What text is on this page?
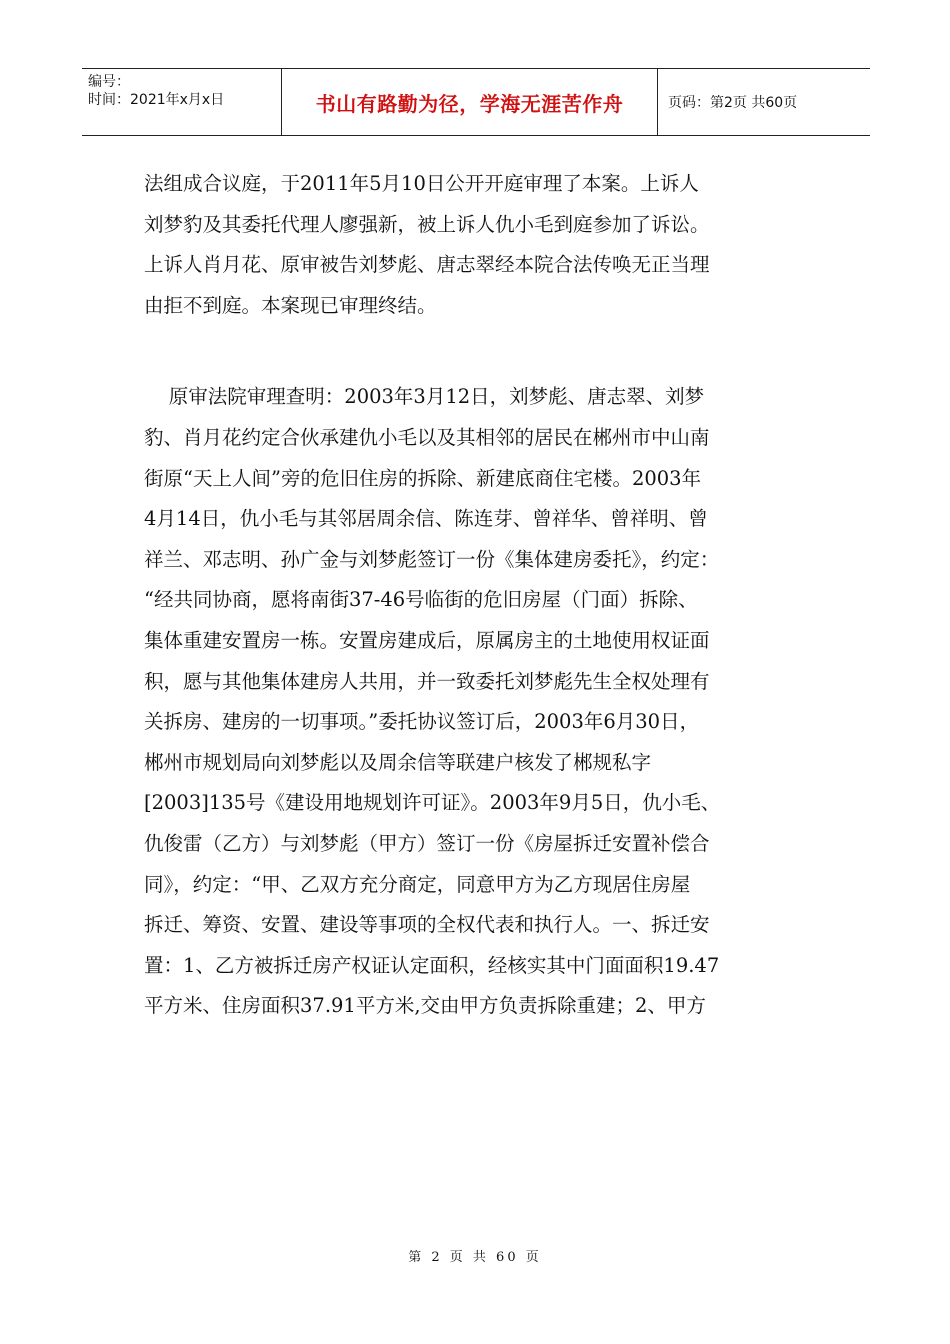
编号：
时间：2021年x月x日	书山有路勤为径，学海无涯苦作舟	页码：第2页 共60页
法组成合议庭，于2011年5月10日公开开庭审理了本案。上诉人
刘梦豹及其委托代理人廖强新，被上诉人仇小毛到庭参加了诉讼。
上诉人肖月花、原审被告刘梦彪、唐志翠经本院合法传唤无正当理
由拒不到庭。本案现已审理终结。
原审法院审理查明：2003年3月12日，刘梦彪、唐志翠、刘梦
豹、肖月花约定合伙承建仇小毛以及其相邻的居民在郴州市中山南
街原“天上人间”旁的危旧住房的拆除、新建底商住宅楼。2003年
4月14日，仇小毛与其邻居周余信、陈连芽、曾祥华、曾祥明、曾
祥兰、邓志明、孙广金与刘梦彪签订一份《集体建房委托》，约定：
“经共同协商，愿将南街37-46号临街的危旧房屋（门面）拆除、
集体重建安置房一栋。安置房建成后，原属房主的土地使用权证面
积，愿与其他集体建房人共用，并一致委托刘梦彪先生全权处理有
关拆房、建房的一切事项。”委托协议签订后，2003年6月30日，
郴州市规划局向刘梦彪以及周余信等联建户核发了郴规私字
[2003]135号《建设用地规划许可证》。2003年9月5日，仇小毛、
仇俊雷（乙方）与刘梦彪（甲方）签订一份《房屋拆迁安置补偿合
同》，约定：“甲、乙双方充分商定，同意甲方为乙方现居住房屋
拆迁、筹资、安置、建设等事项的全权代表和执行人。一、拆迁安
置：1、乙方被拆迁房产权证认定面积，经核实其中门面面积19.47
平方米、住房面积37.91平方米,交由甲方负责拆除重建；2、甲方
第 2 页 共 60 页
